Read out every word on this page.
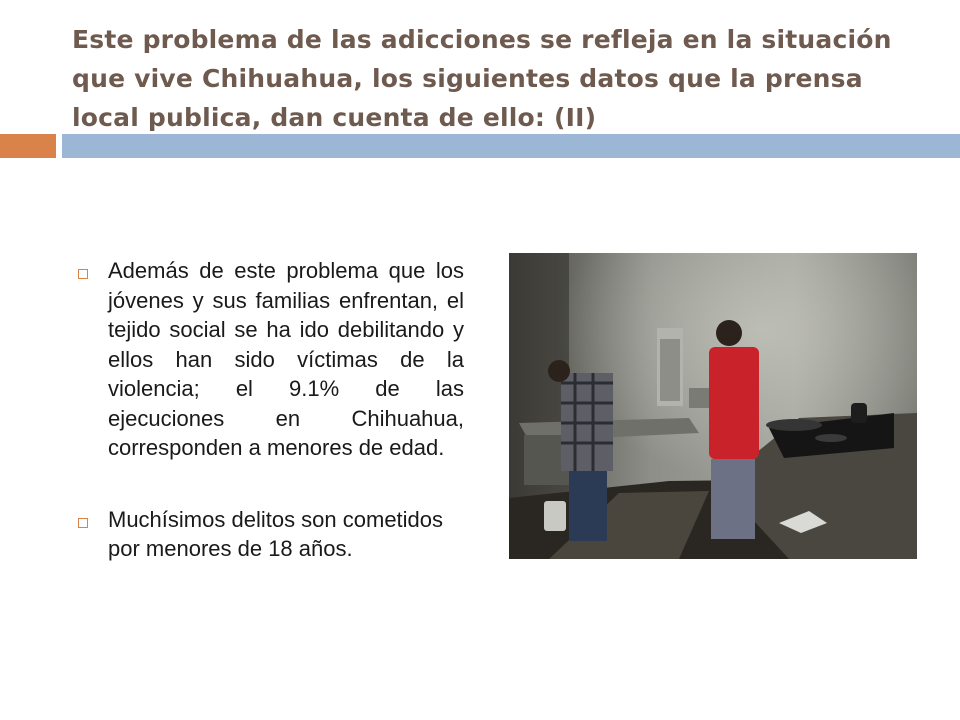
Este problema de las adicciones se refleja en la situación que vive Chihuahua, los siguientes datos que la prensa local publica, dan cuenta de ello: (II)
Además de este problema que los jóvenes y sus familias enfrentan, el tejido social se ha ido debilitando y ellos han sido víctimas de la violencia; el 9.1% de las ejecuciones en Chihuahua, corresponden a menores de edad.
Muchísimos delitos son cometidos por menores de 18 años.
